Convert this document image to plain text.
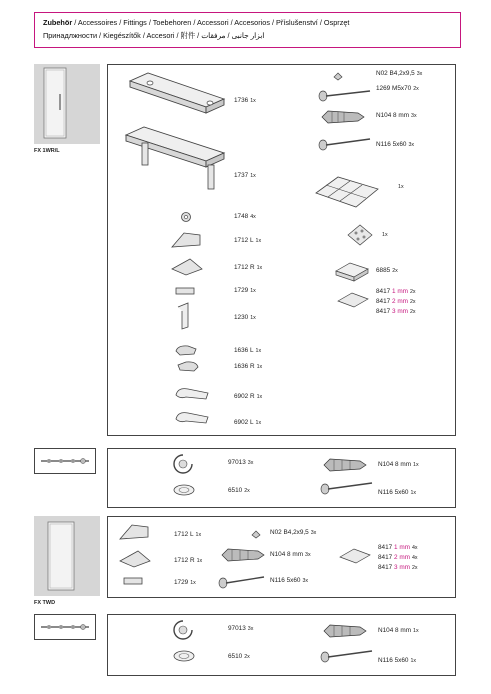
Zubehör / Accessoires / Fittings / Toebehoren / Accessori / Accesorios / Příslušenství / Osprzęt
Принадлжности / Kiegészítők / Accesori / 附件 / ابزار جانبی / مرفقات
FX 1WR/L
1736 1x
1737 1x
1748 4x
1712 L 1x
1712 R 1x
1729 1x
1230 1x
1636 L 1x
1636 R 1x
6902 R 1x
6902 L 1x
N02 B4,2x9,5 3x
1269 M5x70 2x
N104 8 mm 3x
N116 5x60 3x
1x
1x
6885 2x
8417 1 mm 2x
8417 2 mm 2x
8417 3 mm 2x
97013 3x
6510 2x
N104 8 mm 1x
N116 5x60 1x
FX TWD
1712 L 1x
1712 R 1x
1729 1x
N02 B4,2x9,5 3x
N104 8 mm 3x
N116 5x60 3x
8417 1 mm 4x
8417 2 mm 4x
8417 3 mm 2x
97013 3x
6510 2x
N104 8 mm 1x
N116 5x60 1x
